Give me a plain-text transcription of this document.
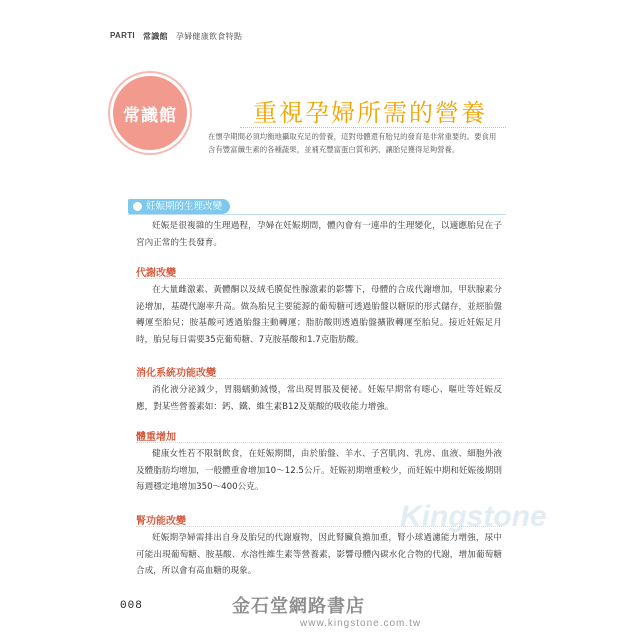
PARTI 常識館 孕婦健康飲食特點
常識館	重視孕婦所需的營養
在懷孕期間必須均衡地攝取充足的營養，這對母體還有胎兒的發育是非常重要的。要食用含有豐富纖生素的各種蔬果，並補充豐富蛋白質和鈣，讓胎兒獲得足夠營養。
妊娠期的生理改變
妊娠是很複雜的生理過程，孕婦在妊娠期間，體內會有一連串的生理變化，以適應胎兒在子宮內正常的生長發育。
代謝改變
在大量雌激素、黃體酮以及絨毛膜促性腺激素的影響下，母體的合成代謝增加，甲狀腺素分泌增加，基礎代謝率升高。做為胎兒主要能源的葡萄糖可透過胎盤以糖原的形式儲存，並經胎盤轉運至胎兒；胺基酸可透過胎盤主動轉運；脂肪酸則透過胎盤擴散轉運至胎兒。接近妊娠足月時，胎兒每日需要35克葡萄糖、7克胺基酸和1.7克脂肪酸。
消化系統功能改變
消化液分泌減少，胃腸蠕動減慢，常出現胃脹及便祕。妊娠早期常有噁心、嘔吐等妊娠反應，對某些營養素如：鈣、鐵、維生素B12及葉酸的吸收能力增強。
體重增加
健康女性若不限制飲食，在妊娠期間，由於胎盤、羊水、子宮肌肉、乳房、血液、細胞外液及體脂肪均增加，一般體重會增加10～12.5公斤。妊娠初期增重較少，而妊娠中期和妊娠後期則每週穩定地增加350～400公克。
腎功能改變
妊娠期孕婦需排出自身及胎兒的代謝廢物，因此腎臟負擔加重，腎小球過濾能力增強，尿中可能出現葡萄糖、胺基酸、水溶性維生素等營養素，影響母體內碳水化合物的代謝，增加葡萄糖合成，所以會有高血糖的現象。
008
Kingstone
金石堂網路書店
www.kingstone.com.tw
